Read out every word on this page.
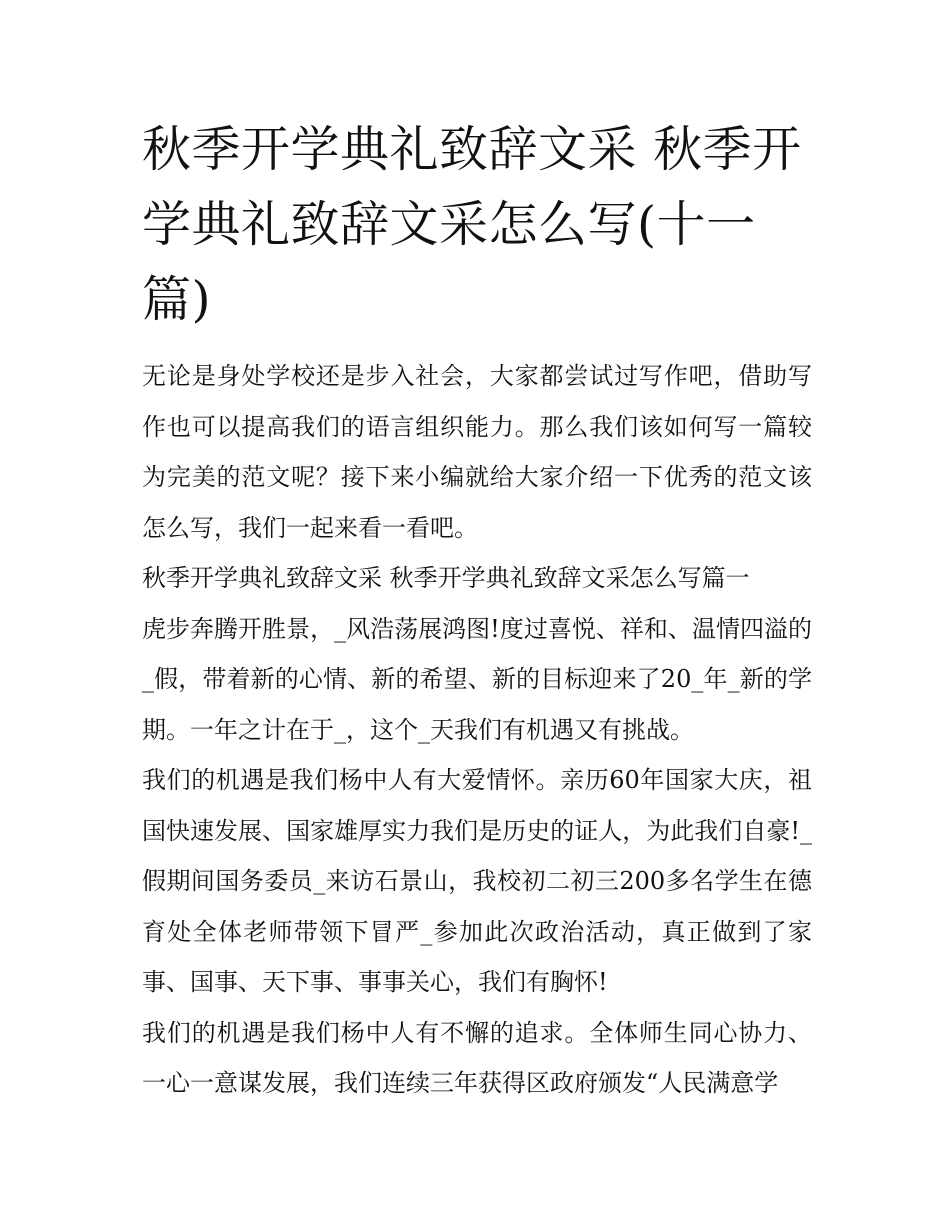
秋季开学典礼致辞文采 秋季开学典礼致辞文采怎么写(十一篇)

无论是身处学校还是步入社会，大家都尝试过写作吧，借助写作也可以提高我们的语言组织能力。那么我们该如何写一篇较为完美的范文呢？接下来小编就给大家介绍一下优秀的范文该怎么写，我们一起来看一看吧。

秋季开学典礼致辞文采 秋季开学典礼致辞文采怎么写篇一

虎步奔腾开胜景，_风浩荡展鸿图!度过喜悦、祥和、温情四溢的_假，带着新的心情、新的希望、新的目标迎来了20_年_新的学期。一年之计在于_，这个_天我们有机遇又有挑战。

我们的机遇是我们杨中人有大爱情怀。亲历60年国家大庆，祖国快速发展、国家雄厚实力我们是历史的证人，为此我们自豪!_假期间国务委员_来访石景山，我校初二初三200多名学生在德育处全体老师带领下冒严_参加此次政治活动，真正做到了家事、国事、天下事、事事关心，我们有胸怀!

我们的机遇是我们杨中人有不懈的追求。全体师生同心协力、一心一意谋发展，我们连续三年获得区政府颁发“人民满意学
